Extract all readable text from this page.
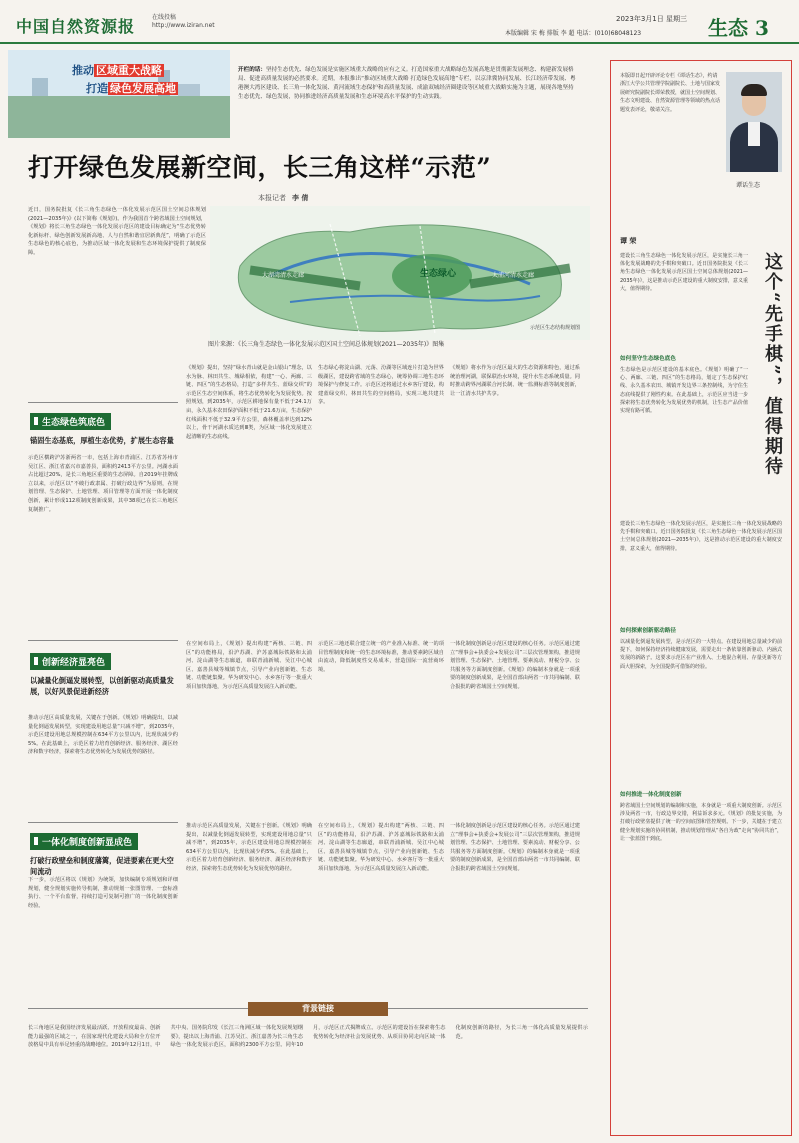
中国自然资源报	在线投稿
http://www.iziran.net
2023年3月1日 星期三
本版编辑 宋 梅 排版 李 超 电话：(010)68048123	生态 3
推动 区域重大战略
打造 绿色发展高地
开栏的话：坚持生态优先、绿色发展是实施区域重大战略的应有之义。打造国家重大战略绿色发展高地是贯彻新发展理念、构建新发展格局、促进高质量发展的必然要求。近期，本报推出“推动区域重大战略 打造绿色发展高地”专栏，以京津冀协同发展、长江经济带发展、粤港澳大湾区建设、长三角一体化发展、黄河流域生态保护和高质量发展、成渝双城经济圈建设等区域重大战略实施为主题，展现各地坚持生态优先、绿色发展，协同推进经济高质量发展和生态环境高水平保护的生动实践。
打开绿色发展新空间，长三角这样“示范”
本报记者 李 倩
近日，国务院批复《长三角生态绿色一体化发展示范区国土空间总体规划(2021—2035年)》(以下简称《规划》)。作为我国首个跨省域国土空间规划，《规划》将长三角生态绿色一体化发展示范区的建设目标确定为“生态优势转化新标杆、绿色创新发展新高地、人与自然和谐宜居新典范”，明确了示范区生态绿色的核心底色，为推动区域一体化发展和生态环境保护提供了制度保障。
大湖湾清水走廊	太浦河清水走廊
生态绿心
示范区生态结构规划图
图片来源：《长三角生态绿色一体化发展示范区国土空间总体规划(2021—2035年)》图集
生态绿色筑底色
锚固生态基底，厚植生态优势，扩展生态容量
示范区横跨沪苏浙两省一市，包括上海市青浦区、江苏省苏州市吴江区、浙江省嘉兴市嘉善县，面积约2413平方公里。河湖水面占比超过20%，是长三角地区重要的生态屏障。自2019年挂牌成立以来，示范区以“不破行政隶属、打破行政边界”为原则，在规划管理、生态保护、土地管理、项目管理等方面开展一体化制度创新，累计形成112项制度创新成果，其中38项已在长三角地区复制推广。
《规划》提出，坚持“绿水青山就是金山银山”理念，以水为脉、林田共生、城绿相依，构建“一心、两廊、三链、四区”的生态格局，打造“多样共生、蓝绿交织”的示范区生态空间体系，将生态优势转化为发展优势。按照规划，到2035年，示范区耕地保有量不低于24.1万亩，永久基本农田保护面积不低于21.6万亩，生态保护红线面积不低于32.9平方公里，森林覆盖率达到12%以上，骨干河湖水质达到Ⅲ类，为区域一体化发展建立起清晰的生态底线。
生态绿心将淀山湖、元荡、汾湖等区域连片打造为世界级湖区，建设跨省域的生态绿心，统筹协调三地生态环境保护与修复工作。示范区还将通过水乡客厅建设，构建蓝绿交织、林田共生的空间格局，实现三地共建共享。
《规划》将水作为示范区最大的生态资源和特色，通过系统治理河湖，联保联治水环境，提升水生态系统质量。同时推动跨界河湖联合河长制、统一监测标准等制度创新，让一江清水共护共享。
创新经济显亮色
以减量化倒逼发展转型，以创新驱动高质量发展，以好风景促进新经济
推动示范区高质量发展，关键在于创新。《规划》明确提出，以减量化倒逼发展转型，实现建设用地总量“只减不增”，到2035年，示范区建设用地总规模控制在634平方公里以内，比现状减少约5%。在此基础上，示范区着力培育创新经济、服务经济、湖区经济和数字经济，探索将生态优势转化为发展优势的路径。
在空间布局上，《规划》提出构建“两核、三链、四区”的功能格局，沿沪苏湖、沪苏嘉城际铁路和太浦河、淀山湖等生态廊道，串联青浦新城、吴江中心城区、嘉善县城等城镇节点，引导产业向创新链、生态链、功能链集聚。华为研发中心、水乡客厅等一批重大项目加快落地，为示范区高质量发展注入新动能。
示范区三地还联合建立统一的产业准入标准、统一的项目管理制度和统一的生态环境标准，推动要素跨区域自由流动，降低制度性交易成本，营造国际一流营商环境。
一体化制度创新是示范区建设的核心任务。示范区通过建立“理事会+执委会+发展公司”三层次管理架构，推进规划管理、生态保护、土地管理、要素流动、财税分享、公共服务等方面制度创新。《规划》的编制本身就是一项重要的制度创新成果，是全国首部由两省一市共同编制、联合报批的跨省域国土空间规划。
一体化制度创新显成色
打破行政壁垒和制度藩篱，促进要素在更大空间流动
下一步，示范区将以《规划》为统领，加快编制专项规划和详细规划，健全规划实施传导机制，推动规划一张图管理、一套标准执行、一个平台监督，持续打造可复制可推广的一体化制度创新经验。
推动示范区高质量发展，关键在于创新。《规划》明确提出，以减量化倒逼发展转型，实现建设用地总量“只减不增”，到2035年，示范区建设用地总规模控制在634平方公里以内，比现状减少约5%。在此基础上，示范区着力培育创新经济、服务经济、湖区经济和数字经济，探索将生态优势转化为发展优势的路径。
在空间布局上，《规划》提出构建“两核、三链、四区”的功能格局，沿沪苏湖、沪苏嘉城际铁路和太浦河、淀山湖等生态廊道，串联青浦新城、吴江中心城区、嘉善县城等城镇节点，引导产业向创新链、生态链、功能链集聚。华为研发中心、水乡客厅等一批重大项目加快落地，为示范区高质量发展注入新动能。
一体化制度创新是示范区建设的核心任务。示范区通过建立“理事会+执委会+发展公司”三层次管理架构，推进规划管理、生态保护、土地管理、要素流动、财税分享、公共服务等方面制度创新。《规划》的编制本身就是一项重要的制度创新成果，是全国首部由两省一市共同编制、联合报批的跨省域国土空间规划。
背景链接
长三角地区是我国经济发展最活跃、开放程度最高、创新能力最强的区域之一，在国家现代化建设大局和全方位开放格局中具有举足轻重的战略地位。2019年12月1日，中共中央、国务院印发《长江三角洲区域一体化发展规划纲要》，提出以上海青浦、江苏吴江、浙江嘉善为长三角生态绿色一体化发展示范区，面积约2300平方公里。同年10月，示范区正式揭牌成立。示范区的建设旨在探索将生态优势转化为经济社会发展优势、从项目协同走向区域一体化制度创新的路径，为长三角一体化高质量发展提供示范。
本版即日起开辟评论专栏《谭话生态》，约请浙江大学公共管理学院副院长、土地与国家发展研究院副院长谭荣教授，就国土空间规划、生态文明建设、自然资源管理等领域的热点话题发表评论，敬请关注。
谭话生态
谭 荣
这个“先手棋”，值得期待
建设长三角生态绿色一体化发展示范区，是实施长三角一体化发展战略的先手棋和突破口。近日国务院批复《长三角生态绿色一体化发展示范区国土空间总体规划(2021—2035年)》，这是推动示范区建设的重大制度安排，意义重大，值得期待。
如何坚守生态绿色底色
生态绿色是示范区建设的基本底色。《规划》明确了“一心、两廊、三链、四区”的生态格局，划定了生态保护红线、永久基本农田、城镇开发边界三条控制线，为守住生态底线提供了刚性约束。在此基础上，示范区应当进一步探索将生态优势转化为发展优势的机制，让生态产品价值实现有路可循。
建设长三角生态绿色一体化发展示范区，是实施长三角一体化发展战略的先手棋和突破口。近日国务院批复《长三角生态绿色一体化发展示范区国土空间总体规划(2021—2035年)》，这是推动示范区建设的重大制度安排，意义重大，值得期待。
如何探索创新驱动路径
以减量化倒逼发展转型，是示范区的一大特点。在建设用地总量减少的前提下，如何保持经济持续健康发展，需要走出一条依靠创新驱动、内涵式发展的新路子。这要求示范区在产业准入、土地混合利用、存量更新等方面大胆探索，为全国提供可借鉴的经验。
如何推进一体化制度创新
跨省域国土空间规划的编制和实施，本身就是一项重大制度创新。示范区涉及两省一市，行政边界交错，利益诉求多元。《规划》的批复实施，为打破行政壁垒提供了统一的空间底图和管控规则。下一步，关键在于建立健全规划实施的协同机制，推动规划管理从“各自为政”走向“协同共治”，让一张蓝图干到底。
